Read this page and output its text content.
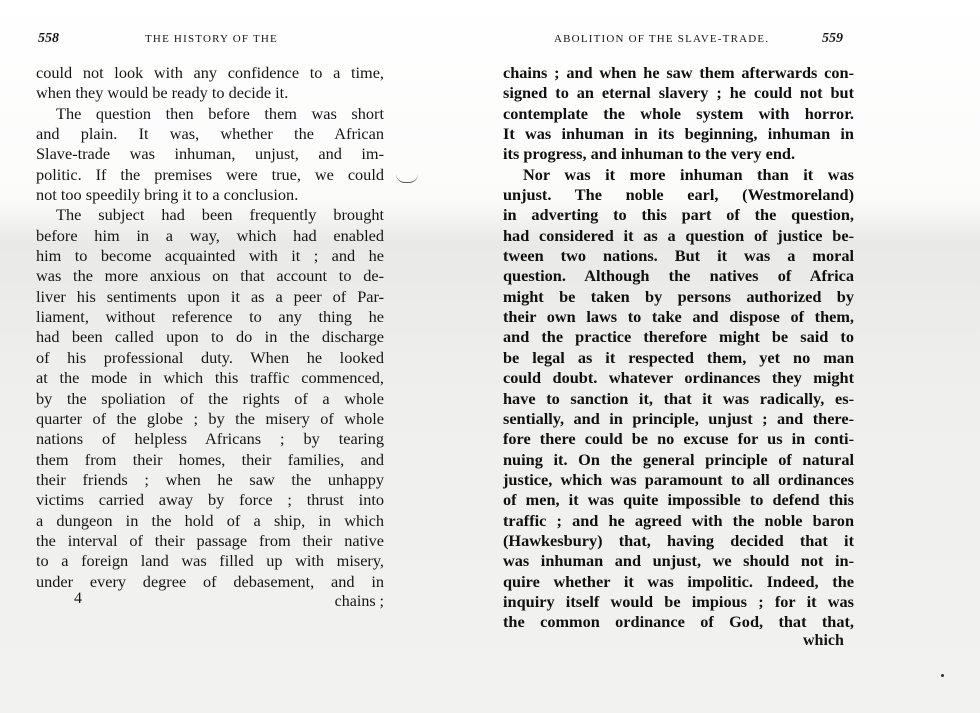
558	THE HISTORY OF THE
could not look with any confidence to a time,
when they would be ready to decide it.
The question then before them was short
and plain. It was, whether the African
Slave-trade was inhuman, unjust, and im-
politic. If the premises were true, we could
not too speedily bring it to a conclusion.
The subject had been frequently brought
before him in a way, which had enabled
him to become acquainted with it ; and he
was the more anxious on that account to de-
liver his sentiments upon it as a peer of Par-
liament, without reference to any thing he
had been called upon to do in the discharge
of his professional duty. When he looked
at the mode in which this traffic commenced,
by the spoliation of the rights of a whole
quarter of the globe ; by the misery of whole
nations of helpless Africans ; by tearing
them from their homes, their families, and
their friends ; when he saw the unhappy
victims carried away by force ; thrust into
a dungeon in the hold of a ship, in which
the interval of their passage from their native
to a foreign land was filled up with misery,
under every degree of debasement, and in
4	chains ;
ABOLITION OF THE SLAVE-TRADE.	559
chains ; and when he saw them afterwards con-
signed to an eternal slavery ; he could not but
contemplate the whole system with horror.
It was inhuman in its beginning, inhuman in
its progress, and inhuman to the very end.
Nor was it more inhuman than it was
unjust. The noble earl, (Westmoreland)
in adverting to this part of the question,
had considered it as a question of justice be-
tween two nations. But it was a moral
question. Although the natives of Africa
might be taken by persons authorized by
their own laws to take and dispose of them,
and the practice therefore might be said to
be legal as it respected them, yet no man
could doubt. whatever ordinances they might
have to sanction it, that it was radically, es-
sentially, and in principle, unjust ; and there-
fore there could be no excuse for us in conti-
nuing it. On the general principle of natural
justice, which was paramount to all ordinances
of men, it was quite impossible to defend this
traffic ; and he agreed with the noble baron
(Hawkesbury) that, having decided that it
was inhuman and unjust, we should not in-
quire whether it was impolitic. Indeed, the
inquiry itself would be impious ; for it was
the common ordinance of God, that that,
which
